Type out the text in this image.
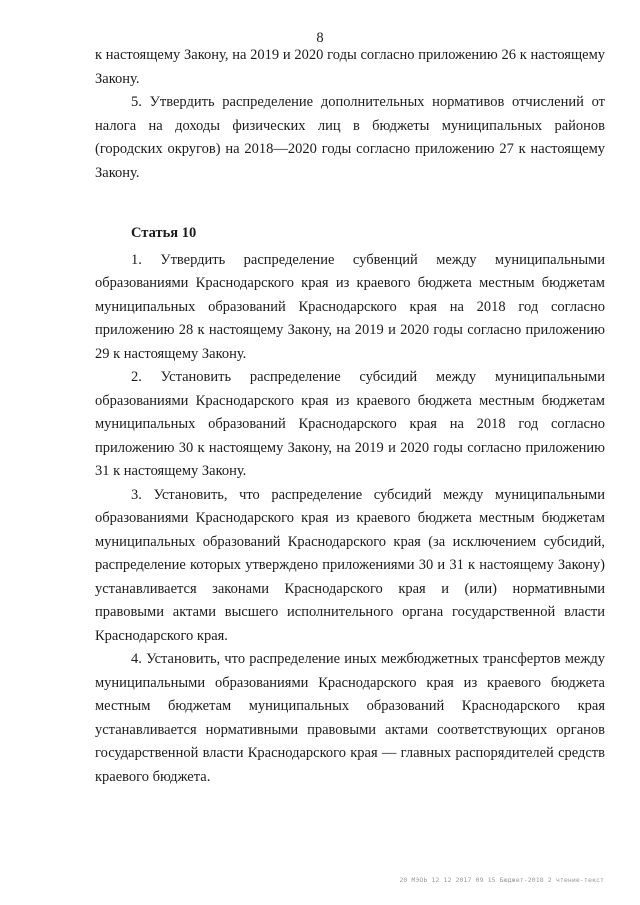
8

к настоящему Закону, на 2019 и 2020 годы согласно приложению 26 к настоящему Закону.

5. Утвердить распределение дополнительных нормативов отчислений от налога на доходы физических лиц в бюджеты муниципальных районов (городских округов) на 2018—2020 годы согласно приложению 27 к настоящему Закону.

Статья 10

1. Утвердить распределение субвенций между муниципальными образованиями Краснодарского края из краевого бюджета местным бюджетам муниципальных образований Краснодарского края на 2018 год согласно приложению 28 к настоящему Закону, на 2019 и 2020 годы согласно приложению 29 к настоящему Закону.

2. Установить распределение субсидий между муниципальными образованиями Краснодарского края из краевого бюджета местным бюджетам муниципальных образований Краснодарского края на 2018 год согласно приложению 30 к настоящему Закону, на 2019 и 2020 годы согласно приложению 31 к настоящему Закону.

3. Установить, что распределение субсидий между муниципальными образованиями Краснодарского края из краевого бюджета местным бюджетам муниципальных образований Краснодарского края (за исключением субсидий, распределение которых утверждено приложениями 30 и 31 к настоящему Закону) устанавливается законами Краснодарского края и (или) нормативными правовыми актами высшего исполнительного органа государственной власти Краснодарского края.

4. Установить, что распределение иных межбюджетных трансфертов между муниципальными образованиями Краснодарского края из краевого бюджета местным бюджетам муниципальных образований Краснодарского края устанавливается нормативными правовыми актами соответствующих органов государственной власти Краснодарского края — главных распорядителей средств краевого бюджета.

20 МЭОЬ 12 12 2017 09 15 Бюджет-2018 2 чтение-текст
